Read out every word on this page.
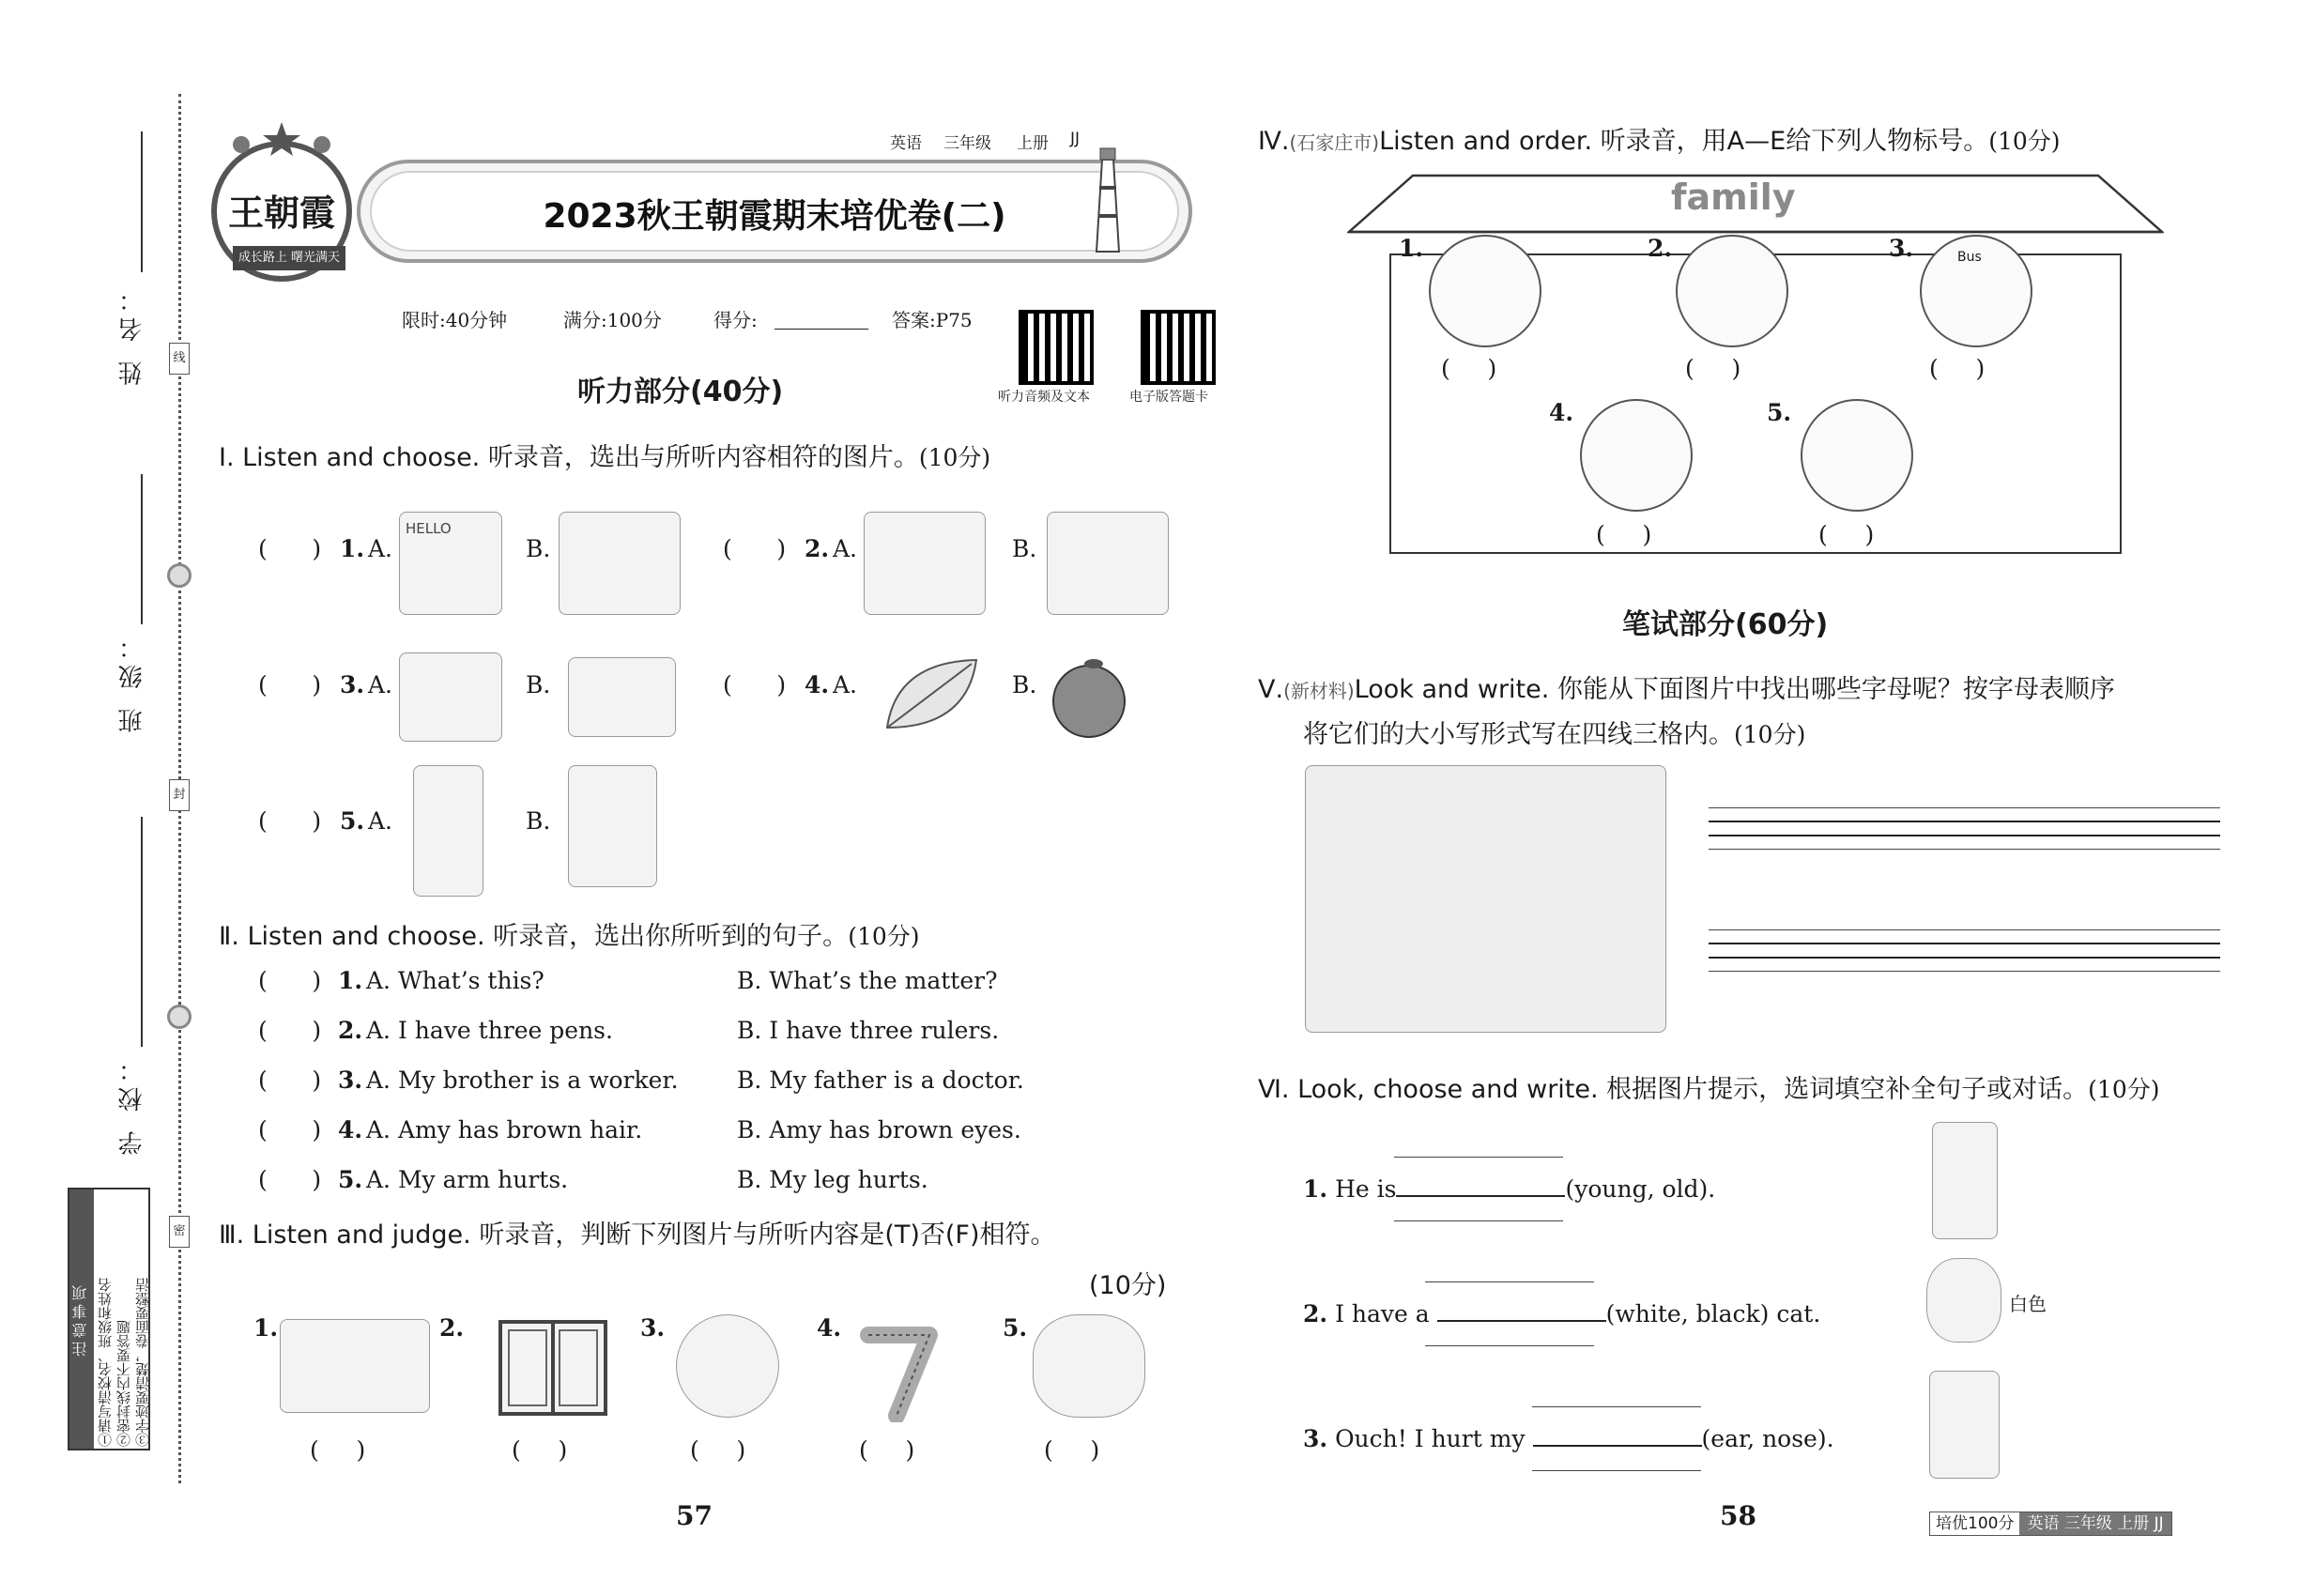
姓 名：
班 级：
学 校：
线
封
密
注意事项 ①请写清校名、班级和姓名 ②密封线内不要答题 ③字迹要清楚，卷面要整洁
王朝霞
成长路上 曙光满天
英语 三年级 上册 JJ
2023秋王朝霞期末培优卷(二)
限时:40分钟	满分:100分	得分:	答案:P75
听力音频及文本	电子版答题卡
听力部分(40分)
Ⅰ. Listen and choose. 听录音，选出与所听内容相符的图片。(10分)
(      ) 1. A.
HELLO
B.	(      ) 2. A.	B.
(      ) 3. A.	B.	(      ) 4. A.	B.
(      ) 5. A.	B.
Ⅱ. Listen and choose. 听录音，选出你所听到的句子。(10分)
(      ) 1. A. What’s this?	B. What’s the matter?
(      ) 2. A. I have three pens.	B. I have three rulers.
(      ) 3. A. My brother is a worker. B. My father is a doctor.
(      ) 4. A. Amy has brown hair.	B. Amy has brown eyes.
(      ) 5. A. My arm hurts.	B. My leg hurts.
Ⅲ. Listen and judge. 听录音，判断下列图片与所听内容是(T)否(F)相符。
(10分)
1.
(     )
2.
(     )
3.
(     )
4.
(     )
5.
(     )
57
Ⅳ.(石家庄市)Listen and order. 听录音，用A—E给下列人物标号。(10分)
family
1.
(     )
2.
(     )
3.	Bus
(     )
4.
(     )
5.
(     )
笔试部分(60分)
Ⅴ.(新材料)Look and write. 你能从下面图片中找出哪些字母呢？按字母表顺序
将它们的大小写形式写在四线三格内。(10分)
Ⅵ. Look, choose and write. 根据图片提示，选词填空补全句子或对话。(10分)
1. He is	(young, old).
2. I have a	(white, black) cat.	白色
3. Ouch! I hurt my	(ear, nose).
58	培优100分 英语 三年级 上册 JJ
